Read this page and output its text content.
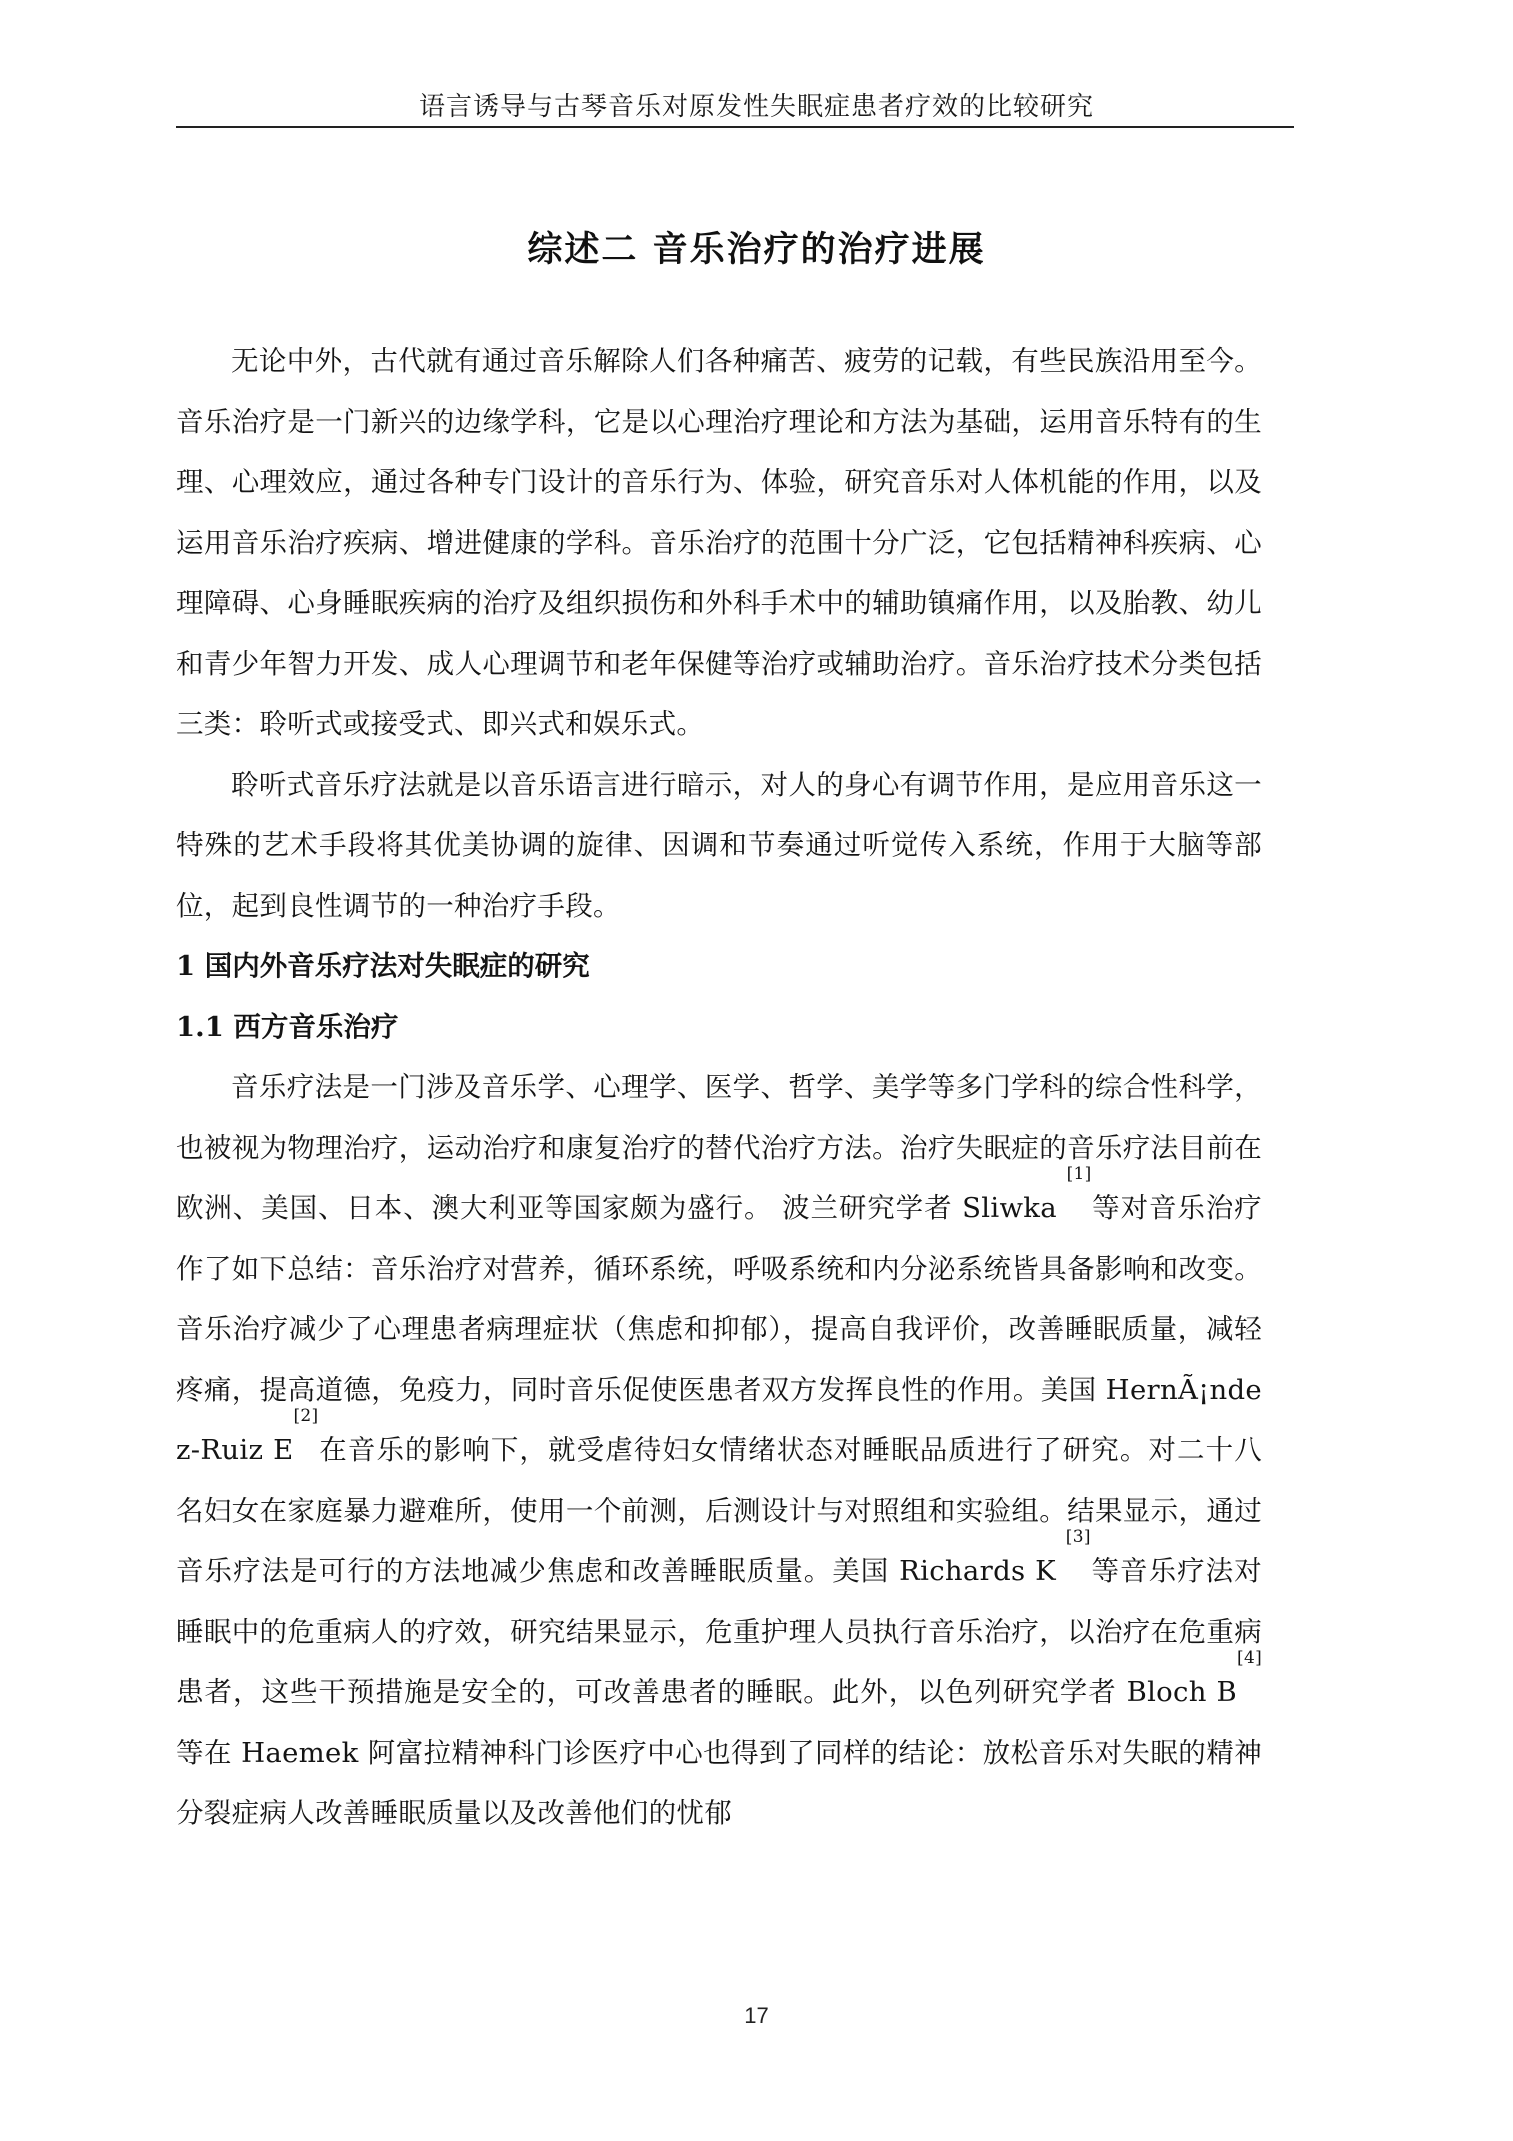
语言诱导与古琴音乐对原发性失眠症患者疗效的比较研究
综述二 音乐治疗的治疗进展

无论中外，古代就有通过音乐解除人们各种痛苦、疲劳的记载，有些民族沿用至今。音乐治疗是一门新兴的边缘学科，它是以心理治疗理论和方法为基础，运用音乐特有的生理、心理效应，通过各种专门设计的音乐行为、体验，研究音乐对人体机能的作用，以及运用音乐治疗疾病、增进健康的学科。音乐治疗的范围十分广泛，它包括精神科疾病、心理障碍、心身睡眠疾病的治疗及组织损伤和外科手术中的辅助镇痛作用，以及胎教、幼儿和青少年智力开发、成人心理调节和老年保健等治疗或辅助治疗。音乐治疗技术分类包括三类：聆听式或接受式、即兴式和娱乐式。

聆听式音乐疗法就是以音乐语言进行暗示，对人的身心有调节作用，是应用音乐这一特殊的艺术手段将其优美协调的旋律、因调和节奏通过听觉传入系统，作用于大脑等部位，起到良性调节的一种治疗手段。

1 国内外音乐疗法对失眠症的研究

1.1 西方音乐治疗

音乐疗法是一门涉及音乐学、心理学、医学、哲学、美学等多门学科的综合性科学，也被视为物理治疗，运动治疗和康复治疗的替代治疗方法。治疗失眠症的音乐疗法目前在欧洲、美国、日本、澳大利亚等国家颇为盛行。 波兰研究学者 Sliwka [1]等对音乐治疗作了如下总结：音乐治疗对营养，循环系统，呼吸系统和内分泌系统皆具备影响和改变。音乐治疗减少了心理患者病理症状（焦虑和抑郁），提高自我评价，改善睡眠质量，减轻疼痛，提高道德，免疫力，同时音乐促使医患者双方发挥良性的作用。美国 HernÃ¡ndez-Ruiz E[2]在音乐的影响下，就受虐待妇女情绪状态对睡眠品质进行了研究。对二十八名妇女在家庭暴力避难所，使用一个前测，后测设计与对照组和实验组。结果显示，通过音乐疗法是可行的方法地减少焦虑和改善睡眠质量。美国 Richards K [3]等音乐疗法对睡眠中的危重病人的疗效，研究结果显示，危重护理人员执行音乐治疗，以治疗在危重病患者，这些干预措施是安全的，可改善患者的睡眠。此外，以色列研究学者 Bloch B[4]等在 Haemek 阿富拉精神科门诊医疗中心也得到了同样的结论：放松音乐对失眠的精神分裂症病人改善睡眠质量以及改善他们的忧郁

17
